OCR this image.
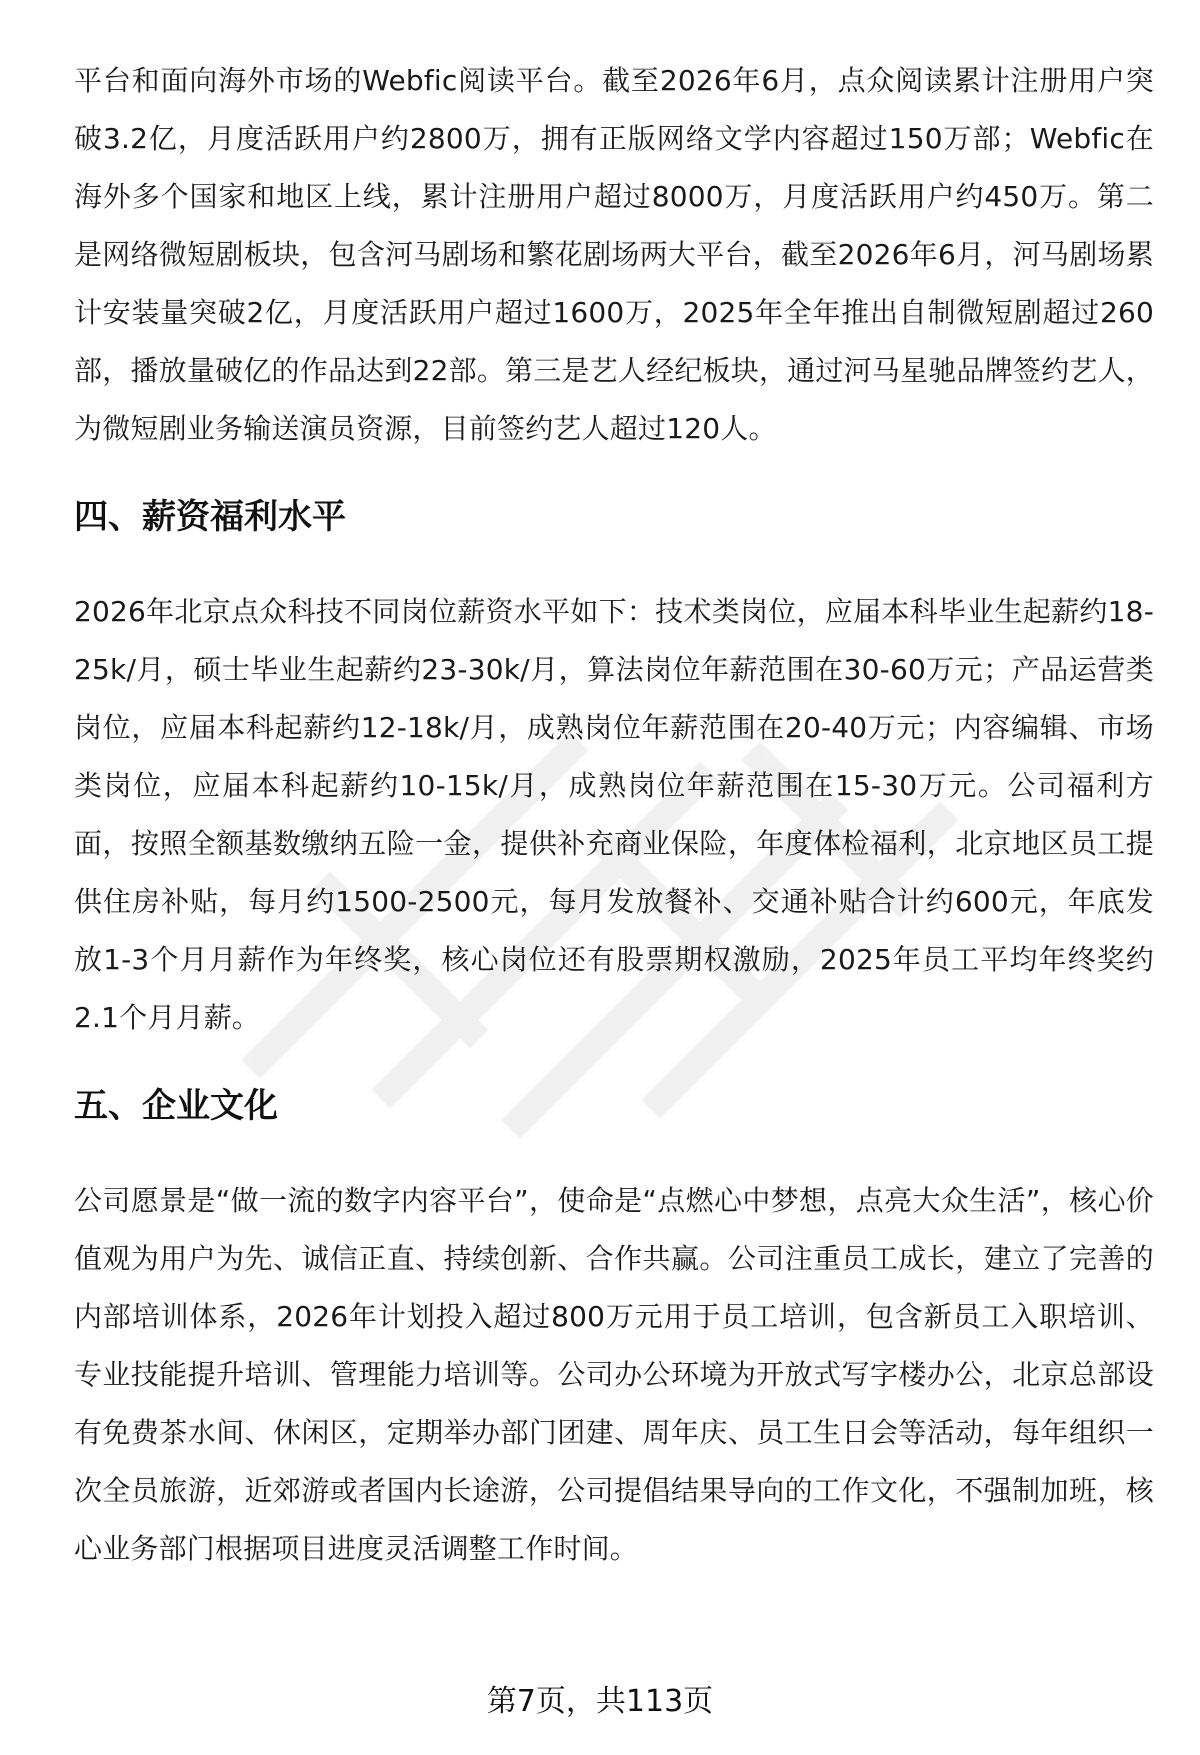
平台和面向海外市场的Webfic阅读平台。截至2026年6月，点众阅读累计注册用户突破3.2亿，月度活跃用户约2800万，拥有正版网络文学内容超过150万部；Webfic在海外多个国家和地区上线，累计注册用户超过8000万，月度活跃用户约450万。第二是网络微短剧板块，包含河马剧场和繁花剧场两大平台，截至2026年6月，河马剧场累计安装量突破2亿，月度活跃用户超过1600万，2025年全年推出自制微短剧超过260部，播放量破亿的作品达到22部。第三是艺人经纪板块，通过河马星驰品牌签约艺人，为微短剧业务输送演员资源，目前签约艺人超过120人。

四、薪资福利水平

2026年北京点众科技不同岗位薪资水平如下：技术类岗位，应届本科毕业生起薪约18-25k/月，硕士毕业生起薪约23-30k/月，算法岗位年薪范围在30-60万元；产品运营类岗位，应届本科起薪约12-18k/月，成熟岗位年薪范围在20-40万元；内容编辑、市场类岗位，应届本科起薪约10-15k/月，成熟岗位年薪范围在15-30万元。公司福利方面，按照全额基数缴纳五险一金，提供补充商业保险，年度体检福利，北京地区员工提供住房补贴，每月约1500-2500元，每月发放餐补、交通补贴合计约600元，年底发放1-3个月月薪作为年终奖，核心岗位还有股票期权激励，2025年员工平均年终奖约2.1个月月薪。

五、企业文化

公司愿景是“做一流的数字内容平台”，使命是“点燃心中梦想，点亮大众生活”，核心价值观为用户为先、诚信正直、持续创新、合作共赢。公司注重员工成长，建立了完善的内部培训体系，2026年计划投入超过800万元用于员工培训，包含新员工入职培训、专业技能提升培训、管理能力培训等。公司办公环境为开放式写字楼办公，北京总部设有免费茶水间、休闲区，定期举办部门团建、周年庆、员工生日会等活动，每年组织一次全员旅游，近郊游或者国内长途游，公司提倡结果导向的工作文化，不强制加班，核心业务部门根据项目进度灵活调整工作时间。

第7页，共113页
